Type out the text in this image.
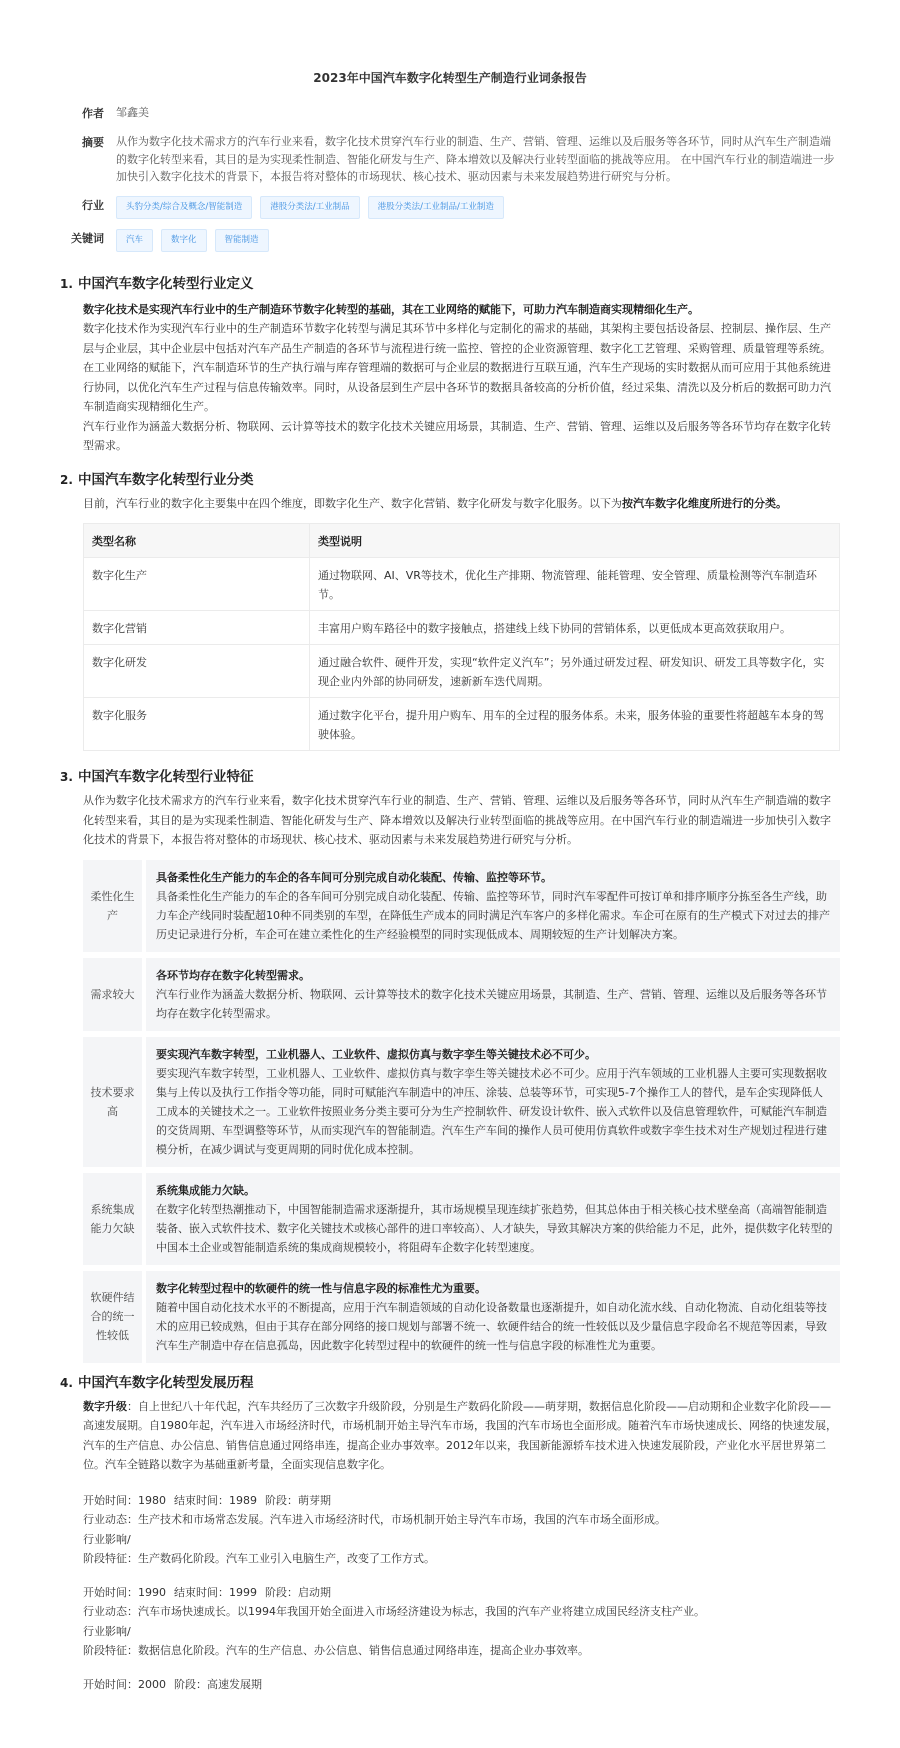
2023年中国汽车数字化转型生产制造行业词条报告
作者	邹鑫美
摘要	从作为数字化技术需求方的汽车行业来看，数字化技术贯穿汽车行业的制造、生产、营销、管理、运维以及后服务等各环节，同时从汽车生产制造端的数字化转型来看，其目的是为实现柔性制造、智能化研发与生产、降本增效以及解决行业转型面临的挑战等应用。 在中国汽车行业的制造端进一步加快引入数字化技术的背景下，本报告将对整体的市场现状、核心技术、驱动因素与未来发展趋势进行研究与分析。
行业	头豹分类/综合及概念/智能制造	港股分类法/工业制品	港股分类法/工业制品/工业制造
关键词	汽车	数字化	智能制造
1. 中国汽车数字化转型行业定义

数字化技术是实现汽车行业中的生产制造环节数字化转型的基础，其在工业网络的赋能下，可助力汽车制造商实现精细化生产。

数字化技术作为实现汽车行业中的生产制造环节数字化转型与满足其环节中多样化与定制化的需求的基础，其架构主要包括设备层、控制层、操作层、生产层与企业层，其中企业层中包括对汽车产品生产制造的各环节与流程进行统一监控、管控的企业资源管理、数字化工艺管理、采购管理、质量管理等系统。在工业网络的赋能下，汽车制造环节的生产执行端与库存管理端的数据可与企业层的数据进行互联互通，汽车生产现场的实时数据从而可应用于其他系统进行协同，以优化汽车生产过程与信息传输效率。同时，从设备层到生产层中各环节的数据具备较高的分析价值，经过采集、清洗以及分析后的数据可助力汽车制造商实现精细化生产。

汽车行业作为涵盖大数据分析、物联网、云计算等技术的数字化技术关键应用场景，其制造、生产、营销、管理、运维以及后服务等各环节均存在数字化转型需求。

2. 中国汽车数字化转型行业分类

目前，汽车行业的数字化主要集中在四个维度，即数字化生产、数字化营销、数字化研发与数字化服务。以下为按汽车数字化维度所进行的分类。

类型名称	类型说明
数字化生产	通过物联网、AI、VR等技术，优化生产排期、物流管理、能耗管理、安全管理、质量检测等汽车制造环节。
数字化营销	丰富用户购车路径中的数字接触点，搭建线上线下协同的营销体系，以更低成本更高效获取用户。
数字化研发	通过融合软件、硬件开发，实现“软件定义汽车”；另外通过研发过程、研发知识、研发工具等数字化，实现企业内外部的协同研发，速新新车迭代周期。
数字化服务	通过数字化平台，提升用户购车、用车的全过程的服务体系。未来，服务体验的重要性将超越车本身的驾驶体验。
3. 中国汽车数字化转型行业特征

从作为数字化技术需求方的汽车行业来看，数字化技术贯穿汽车行业的制造、生产、营销、管理、运维以及后服务等各环节，同时从汽车生产制造端的数字化转型来看，其目的是为实现柔性制造、智能化研发与生产、降本增效以及解决行业转型面临的挑战等应用。在中国汽车行业的制造端进一步加快引入数字化技术的背景下，本报告将对整体的市场现状、核心技术、驱动因素与未来发展趋势进行研究与分析。

柔性化生产
具备柔性化生产能力的车企的各车间可分别完成自动化装配、传输、监控等环节。
具备柔性化生产能力的车企的各车间可分别完成自动化装配、传输、监控等环节，同时汽车零配件可按订单和排序顺序分拣至各生产线，助力车企产线同时装配超10种不同类别的车型，在降低生产成本的同时满足汽车客户的多样化需求。车企可在原有的生产模式下对过去的排产历史记录进行分析，车企可在建立柔性化的生产经验模型的同时实现低成本、周期较短的生产计划解决方案。
需求较大
各环节均存在数字化转型需求。
汽车行业作为涵盖大数据分析、物联网、云计算等技术的数字化技术关键应用场景，其制造、生产、营销、管理、运维以及后服务等各环节均存在数字化转型需求。
技术要求高
要实现汽车数字转型，工业机器人、工业软件、虚拟仿真与数字孪生等关键技术必不可少。
要实现汽车数字转型，工业机器人、工业软件、虚拟仿真与数字孪生等关键技术必不可少。应用于汽车领域的工业机器人主要可实现数据收集与上传以及执行工作指令等功能，同时可赋能汽车制造中的冲压、涂装、总装等环节，可实现5-7个操作工人的替代，是车企实现降低人工成本的关键技术之一。工业软件按照业务分类主要可分为生产控制软件、研发设计软件、嵌入式软件以及信息管理软件，可赋能汽车制造的交货周期、车型调整等环节，从而实现汽车的智能制造。汽车生产车间的操作人员可使用仿真软件或数字孪生技术对生产规划过程进行建模分析，在减少调试与变更周期的同时优化成本控制。
系统集成能力欠缺
系统集成能力欠缺。
在数字化转型热潮推动下，中国智能制造需求逐渐提升，其市场规模呈现连续扩张趋势，但其总体由于相关核心技术壁垒高（高端智能制造装备、嵌入式软件技术、数字化关键技术或核心部件的进口率较高）、人才缺失，导致其解决方案的供给能力不足，此外，提供数字化转型的中国本土企业或智能制造系统的集成商规模较小，将阻碍车企数字化转型速度。
软硬件结合的统一性较低
数字化转型过程中的软硬件的统一性与信息字段的标准性尤为重要。
随着中国自动化技术水平的不断提高，应用于汽车制造领域的自动化设备数量也逐渐提升，如自动化流水线、自动化物流、自动化组装等技术的应用已较成熟，但由于其存在部分网络的接口规划与部署不统一、软硬件结合的统一性较低以及少量信息字段命名不规范等因素，导致汽车生产制造中存在信息孤岛，因此数字化转型过程中的软硬件的统一性与信息字段的标准性尤为重要。
4. 中国汽车数字化转型发展历程

数字升级：自上世纪八十年代起，汽车共经历了三次数字升级阶段，分别是生产数码化阶段——萌芽期，数据信息化阶段——启动期和企业数字化阶段——高速发展期。自1980年起，汽车进入市场经济时代，市场机制开始主导汽车市场，我国的汽车市场也全面形成。随着汽车市场快速成长、网络的快速发展，汽车的生产信息、办公信息、销售信息通过网络串连，提高企业办事效率。2012年以来，我国新能源轿车技术进入快速发展阶段，产业化水平居世界第二位。汽车全链路以数字为基础重新考量，全面实现信息数字化。

开始时间：1980 结束时间：1989 阶段：萌芽期
行业动态：生产技术和市场常态发展。汽车进入市场经济时代，市场机制开始主导汽车市场，我国的汽车市场全面形成。
行业影响/
阶段特征：生产数码化阶段。汽车工业引入电脑生产，改变了工作方式。
开始时间：1990 结束时间：1999 阶段：启动期
行业动态：汽车市场快速成长。以1994年我国开始全面进入市场经济建设为标志，我国的汽车产业将建立成国民经济支柱产业。
行业影响/
阶段特征：数据信息化阶段。汽车的生产信息、办公信息、销售信息通过网络串连，提高企业办事效率。
开始时间：2000 阶段：高速发展期
